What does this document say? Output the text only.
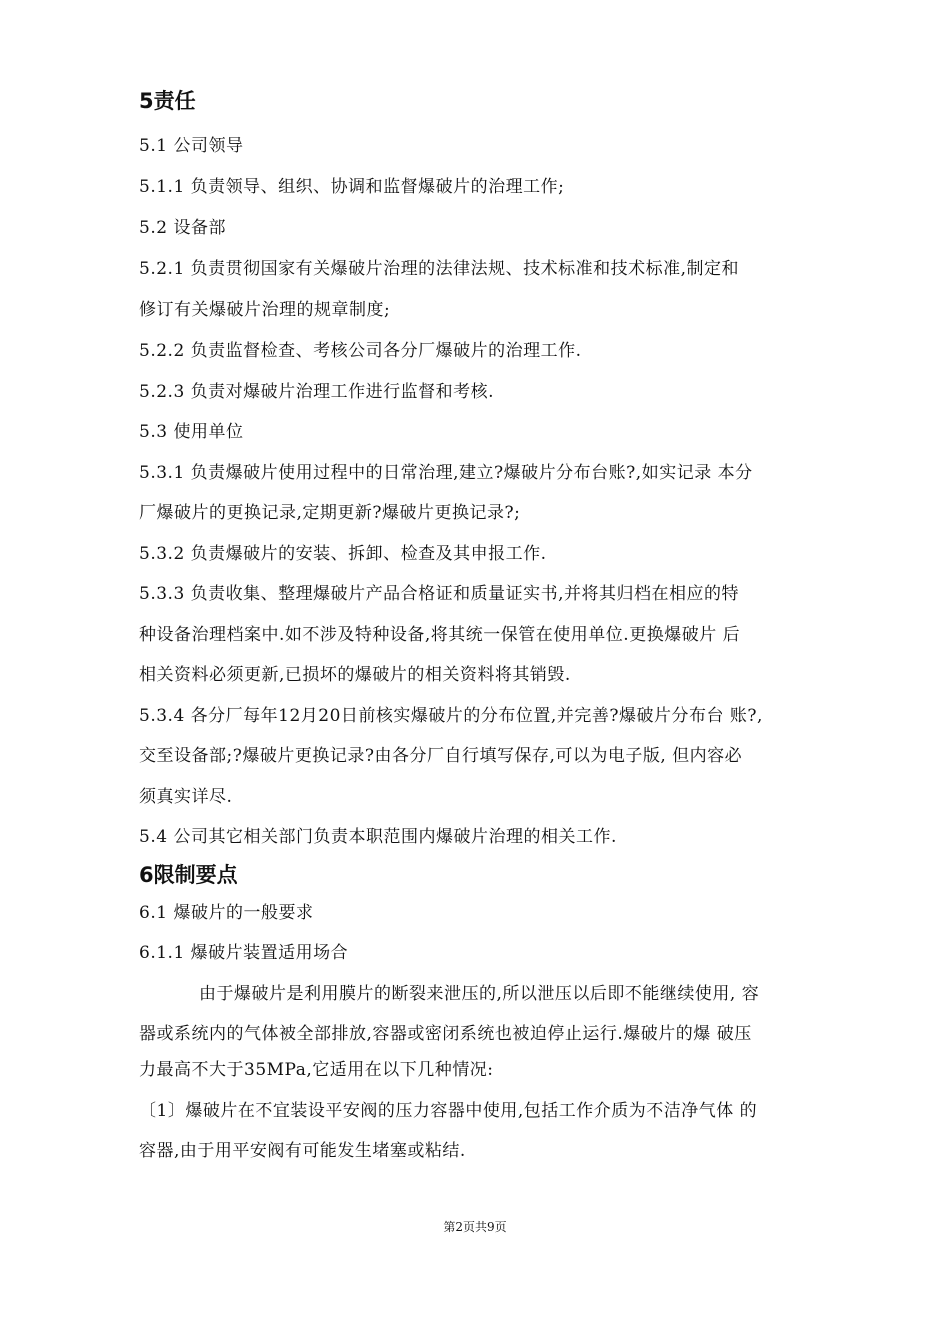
5责任
5.1 公司领导
5.1.1 负责领导、组织、协调和监督爆破片的治理工作;
5.2 设备部
5.2.1 负责贯彻国家有关爆破片治理的法律法规、技术标准和技术标准,制定和
修订有关爆破片治理的规章制度;
5.2.2 负责监督检查、考核公司各分厂爆破片的治理工作.
5.2.3 负责对爆破片治理工作进行监督和考核.
5.3 使用单位
5.3.1 负责爆破片使用过程中的日常治理,建立?爆破片分布台账?,如实记录 本分
厂爆破片的更换记录,定期更新?爆破片更换记录?;
5.3.2 负责爆破片的安装、拆卸、检查及其申报工作.
5.3.3 负责收集、整理爆破片产品合格证和质量证实书,并将其归档在相应的特
种设备治理档案中.如不涉及特种设备,将其统一保管在使用单位.更换爆破片 后
相关资料必须更新,已损坏的爆破片的相关资料将其销毁.
5.3.4 各分厂每年12月20日前核实爆破片的分布位置,并完善?爆破片分布台 账?,
交至设备部;?爆破片更换记录?由各分厂自行填写保存,可以为电子版, 但内容必
须真实详尽.
5.4 公司其它相关部门负责本职范围内爆破片治理的相关工作.
6限制要点
6.1 爆破片的一般要求
6.1.1 爆破片装置适用场合
由于爆破片是利用膜片的断裂来泄压的,所以泄压以后即不能继续使用, 容
器或系统内的气体被全部排放,容器或密闭系统也被迫停止运行.爆破片的爆 破压
力最高不大于35MPa,它适用在以下几种情况:
〔1〕爆破片在不宜装设平安阀的压力容器中使用,包括工作介质为不洁净气体 的
容器,由于用平安阀有可能发生堵塞或粘结.
第2页共9页
